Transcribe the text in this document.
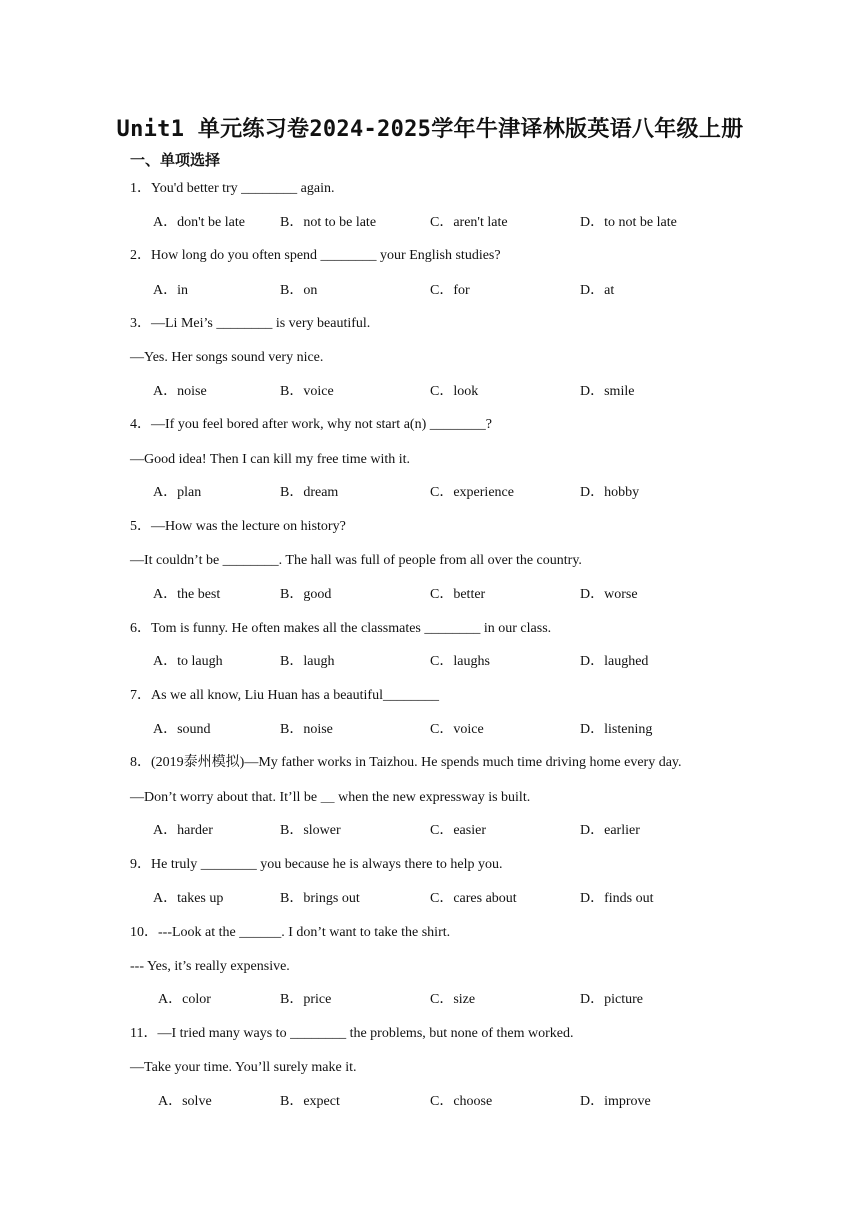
Unit1 单元练习卷2024-2025学年牛津译林版英语八年级上册
一、单项选择
1．You'd better try ________ again.
A．don't be late	B．not to be late	C．aren't late	D．to not be late
2．How long do you often spend ________ your English studies?
A．in	B．on	C．for	D．at
3．—Li Mei’s ________ is very beautiful.
—Yes. Her songs sound very nice.
A．noise	B．voice	C．look	D．smile
4．—If you feel bored after work, why not start a(n) ________?
—Good idea! Then I can kill my free time with it.
A．plan	B．dream	C．experience	D．hobby
5．—How was the lecture on history?
—It couldn’t be ________. The hall was full of people from all over the country.
A．the best	B．good	C．better	D．worse
6．Tom is funny. He often makes all the classmates ________ in our class.
A．to laugh	B．laugh	C．laughs	D．laughed
7．As we all know, Liu Huan has a beautiful________
A．sound	B．noise	C．voice	D．listening
8．(2019泰州模拟)—My father works in Taizhou. He spends much time driving home every day.
—Don’t worry about that. It’ll be ＿ when the new expressway is built.
A．harder	B．slower	C．easier	D．earlier
9．He truly ________ you because he is always there to help you.
A．takes up	B．brings out	C．cares about	D．finds out
10．---Look at the ______. I don’t want to take the shirt.
--- Yes, it’s really expensive.
A．color	B．price	C．size	D．picture
11．—I tried many ways to ________ the problems, but none of them worked.
—Take your time. You’ll surely make it.
A．solve	B．expect	C．choose	D．improve
